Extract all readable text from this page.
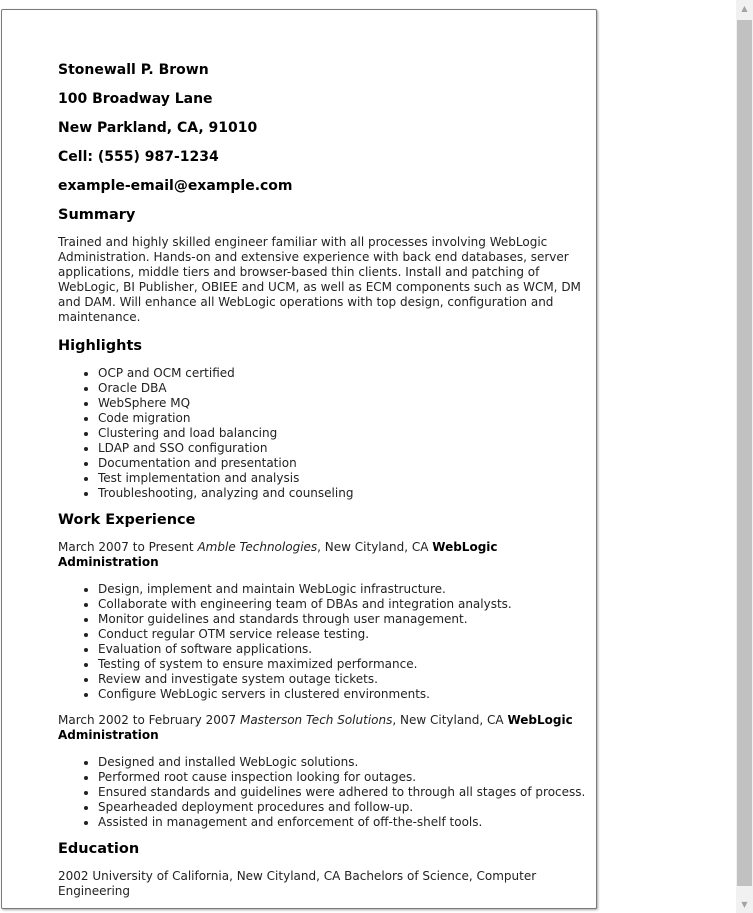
Stonewall P. Brown
100 Broadway Lane
New Parkland, CA, 91010
Cell: (555) 987-1234
example-email@example.com
Summary
Trained and highly skilled engineer familiar with all processes involving WebLogic Administration. Hands-on and extensive experience with back end databases, server applications, middle tiers and browser-based thin clients. Install and patching of WebLogic, BI Publisher, OBIEE and UCM, as well as ECM components such as WCM, DM and DAM. Will enhance all WebLogic operations with top design, configuration and maintenance.
Highlights
• OCP and OCM certified
• Oracle DBA
• WebSphere MQ
• Code migration
• Clustering and load balancing
• LDAP and SSO configuration
• Documentation and presentation
• Test implementation and analysis
• Troubleshooting, analyzing and counseling
Work Experience
March 2007 to Present Amble Technologies, New Cityland, CA WebLogic Administration
• Design, implement and maintain WebLogic infrastructure.
• Collaborate with engineering team of DBAs and integration analysts.
• Monitor guidelines and standards through user management.
• Conduct regular OTM service release testing.
• Evaluation of software applications.
• Testing of system to ensure maximized performance.
• Review and investigate system outage tickets.
• Configure WebLogic servers in clustered environments.
March 2002 to February 2007 Masterson Tech Solutions, New Cityland, CA WebLogic Administration
• Designed and installed WebLogic solutions.
• Performed root cause inspection looking for outages.
• Ensured standards and guidelines were adhered to through all stages of process.
• Spearheaded deployment procedures and follow-up.
• Assisted in management and enforcement of off-the-shelf tools.
Education
2002 University of California, New Cityland, CA Bachelors of Science, Computer Engineering
▲
▼
